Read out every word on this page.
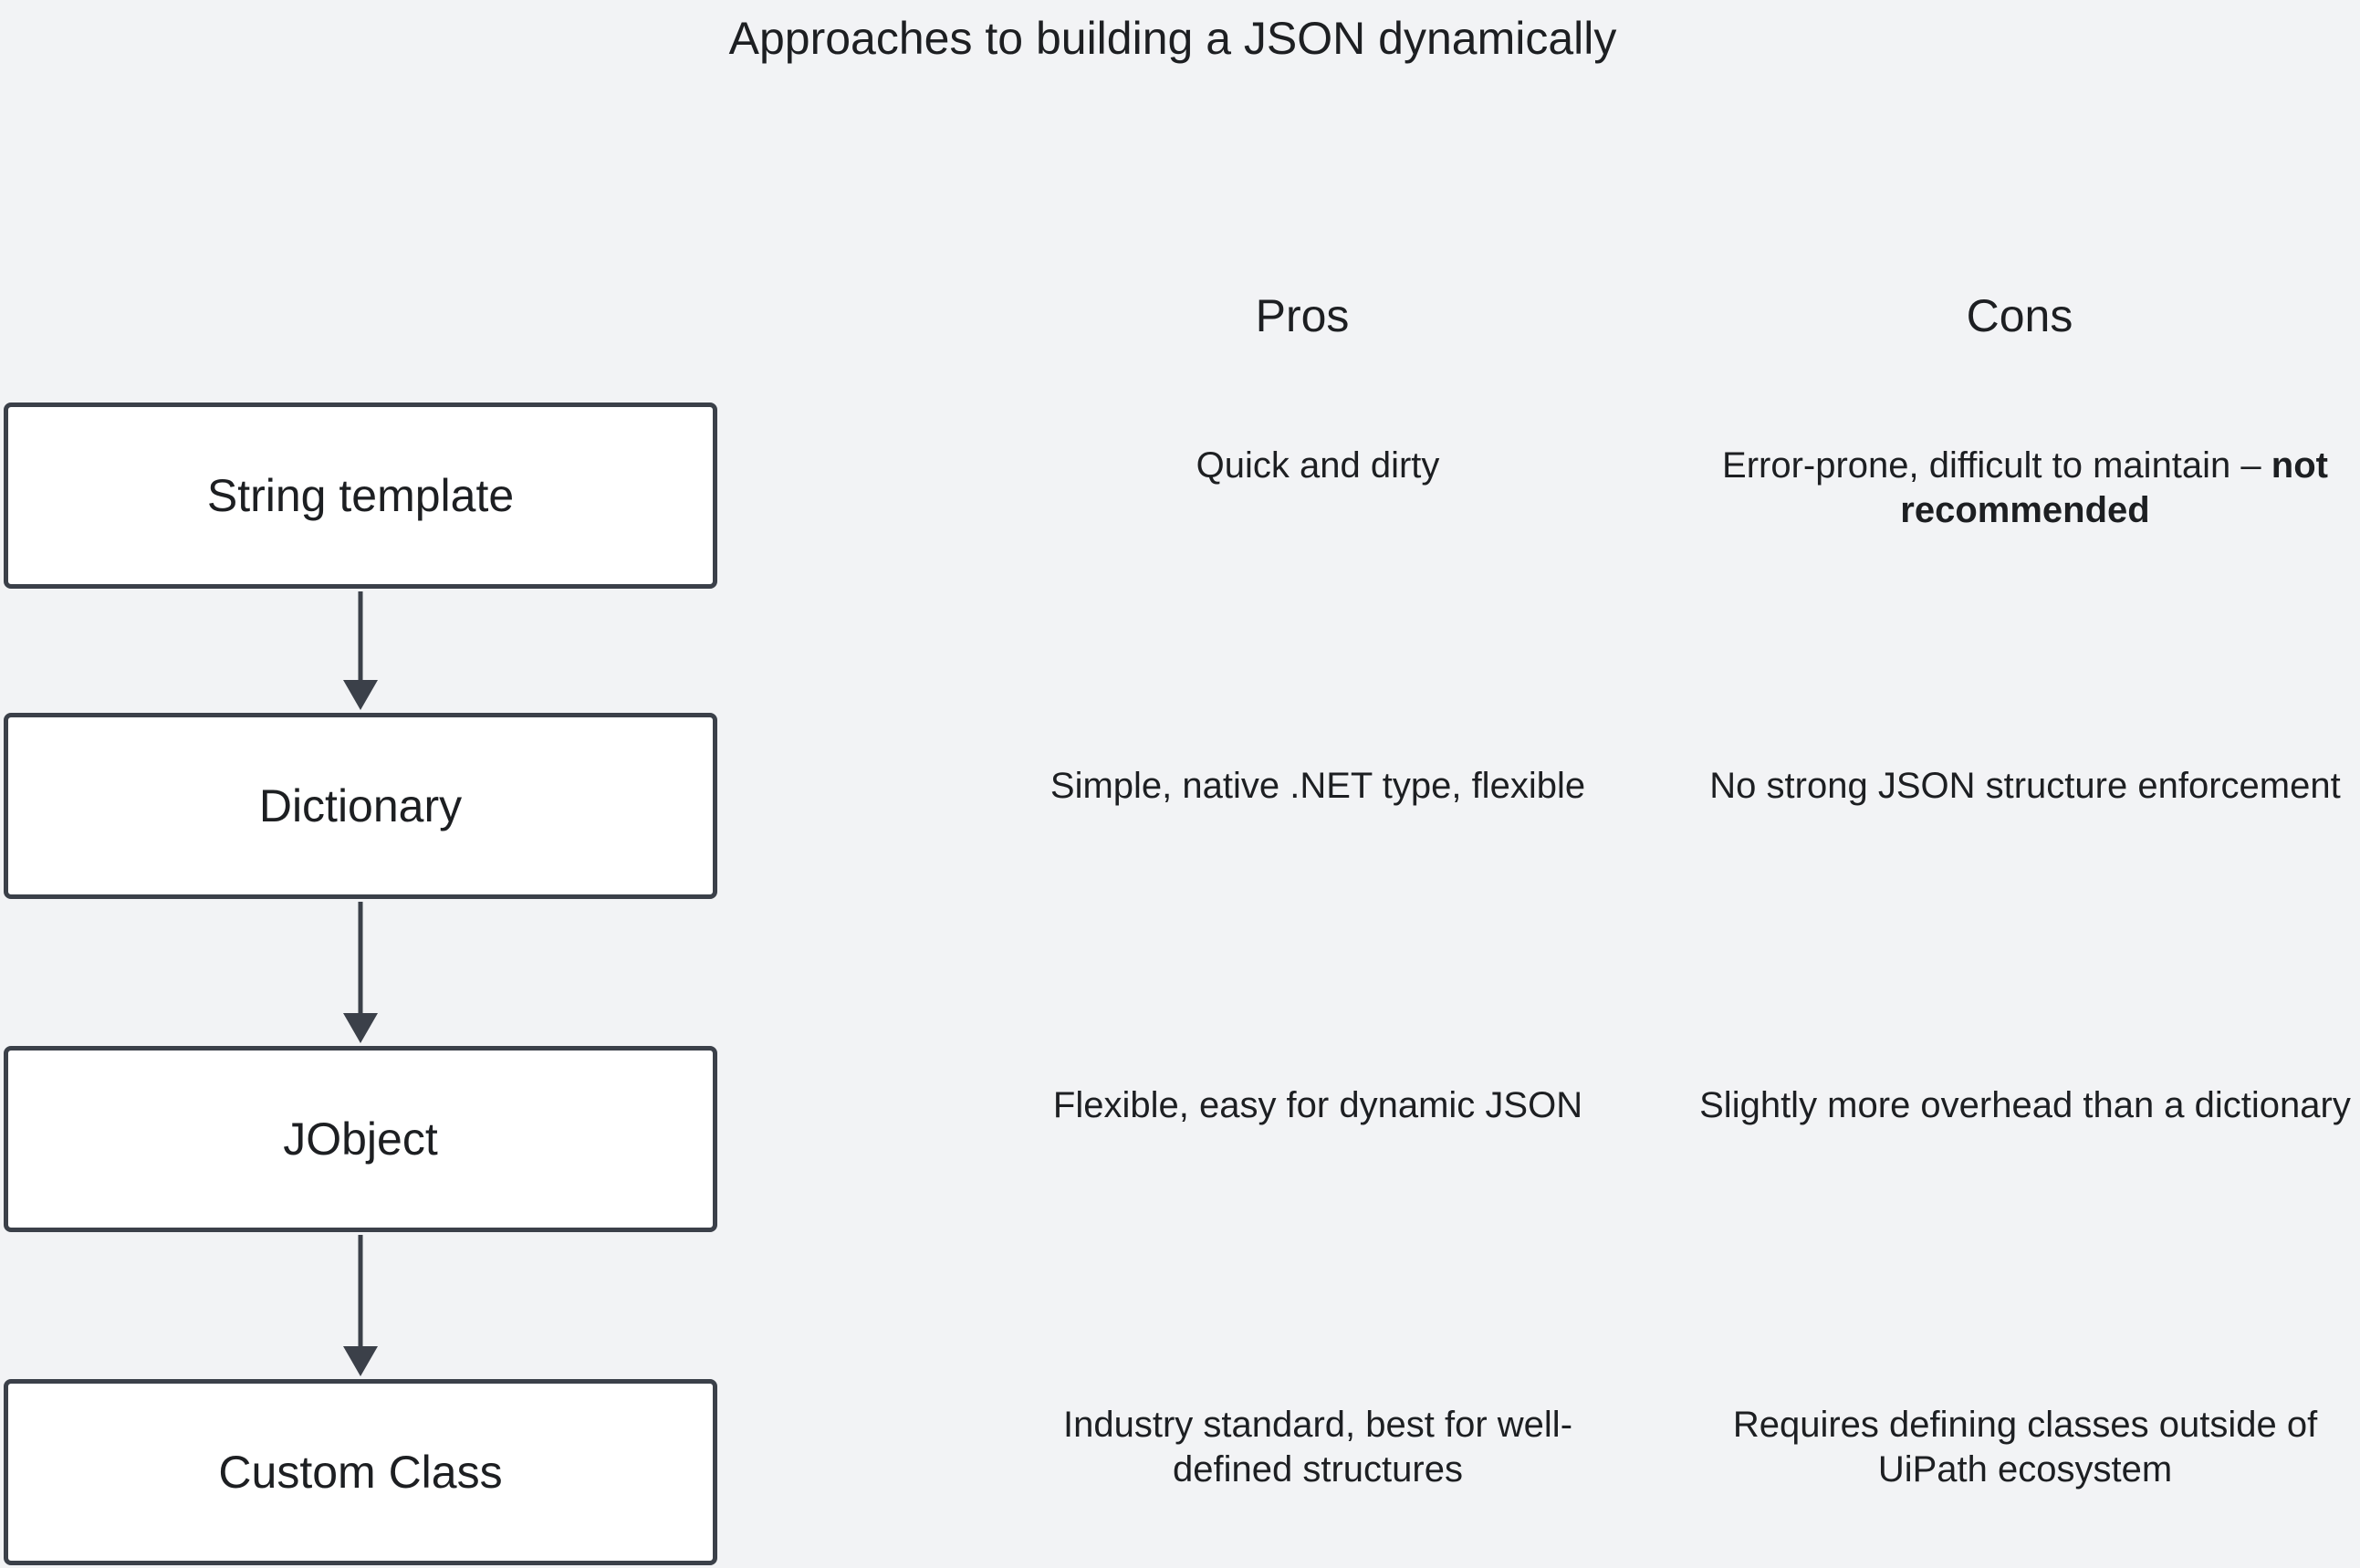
Approaches to building a JSON dynamically
Pros	Cons
String template
Dictionary
JObject
Custom Class
Quick and dirty
Simple, native .NET type, flexible
Flexible, easy for dynamic JSON
Industry standard, best for well-defined structures
Error-prone, difficult to maintain – not recommended
No strong JSON structure enforcement
Slightly more overhead than a dictionary
Requires defining classes outside of UiPath ecosystem
